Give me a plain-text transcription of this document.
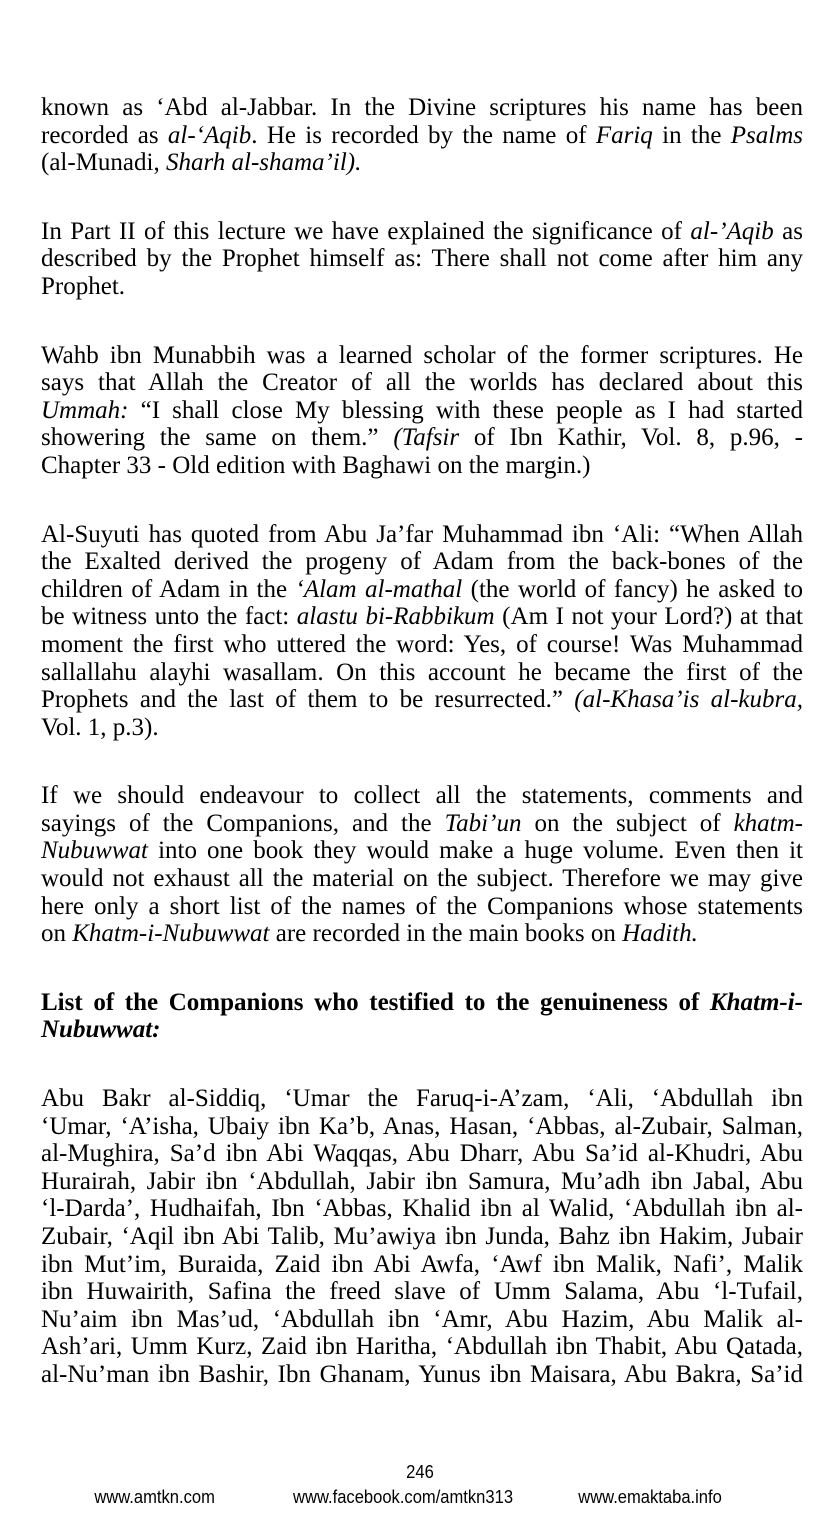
known as ‘Abd al-Jabbar. In the Divine scriptures his name has been
recorded as al-‘Aqib. He is recorded by the name of Fariq in the Psalms
(al-Munadi, Sharh al-shama’il).
In Part II of this lecture we have explained the significance of al-’Aqib as
described by the Prophet himself as: There shall not come after him any
Prophet.
Wahb ibn Munabbih was a learned scholar of the former scriptures. He
says that Allah the Creator of all the worlds has declared about this
Ummah: “I shall close My blessing with these people as I had started
showering the same on them.” (Tafsir of Ibn Kathir, Vol. 8, p.96, -
Chapter 33 - Old edition with Baghawi on the margin.)
Al-Suyuti has quoted from Abu Ja’far Muhammad ibn ‘Ali: “When Allah
the Exalted derived the progeny of Adam from the back-bones of the
children of Adam in the ‘Alam al-mathal (the world of fancy) he asked to
be witness unto the fact: alastu bi-Rabbikum (Am I not your Lord?) at that
moment the first who uttered the word: Yes, of course! Was Muhammad
sallallahu alayhi wasallam. On this account he became the first of the
Prophets and the last of them to be resurrected.” (al-Khasa’is al-kubra,
Vol. 1, p.3).
If we should endeavour to collect all the statements, comments and
sayings of the Companions, and the Tabi’un on the subject of khatm-
Nubuwwat into one book they would make a huge volume. Even then it
would not exhaust all the material on the subject. Therefore we may give
here only a short list of the names of the Companions whose statements
on Khatm-i-Nubuwwat are recorded in the main books on Hadith.
List of the Companions who testified to the genuineness of Khatm-i-
Nubuwwat:
Abu Bakr al-Siddiq, ‘Umar the Faruq-i-A’zam, ‘Ali, ‘Abdullah ibn
‘Umar, ‘A’isha, Ubaiy ibn Ka’b, Anas, Hasan, ‘Abbas, al-Zubair, Salman,
al-Mughira, Sa’d ibn Abi Waqqas, Abu Dharr, Abu Sa’id al-Khudri, Abu
Hurairah, Jabir ibn ‘Abdullah, Jabir ibn Samura, Mu’adh ibn Jabal, Abu
‘l-Darda’, Hudhaifah, Ibn ‘Abbas, Khalid ibn al Walid, ‘Abdullah ibn al-
Zubair, ‘Aqil ibn Abi Talib, Mu’awiya ibn Junda, Bahz ibn Hakim, Jubair
ibn Mut’im, Buraida, Zaid ibn Abi Awfa, ‘Awf ibn Malik, Nafi’, Malik
ibn Huwairith, Safina the freed slave of Umm Salama, Abu ‘l-Tufail,
Nu’aim ibn Mas’ud, ‘Abdullah ibn ‘Amr, Abu Hazim, Abu Malik al-
Ash’ari, Umm Kurz, Zaid ibn Haritha, ‘Abdullah ibn Thabit, Abu Qatada,
al-Nu’man ibn Bashir, Ibn Ghanam, Yunus ibn Maisara, Abu Bakra, Sa’id
246
www.amtkn.com	www.facebook.com/amtkn313	www.emaktaba.info
